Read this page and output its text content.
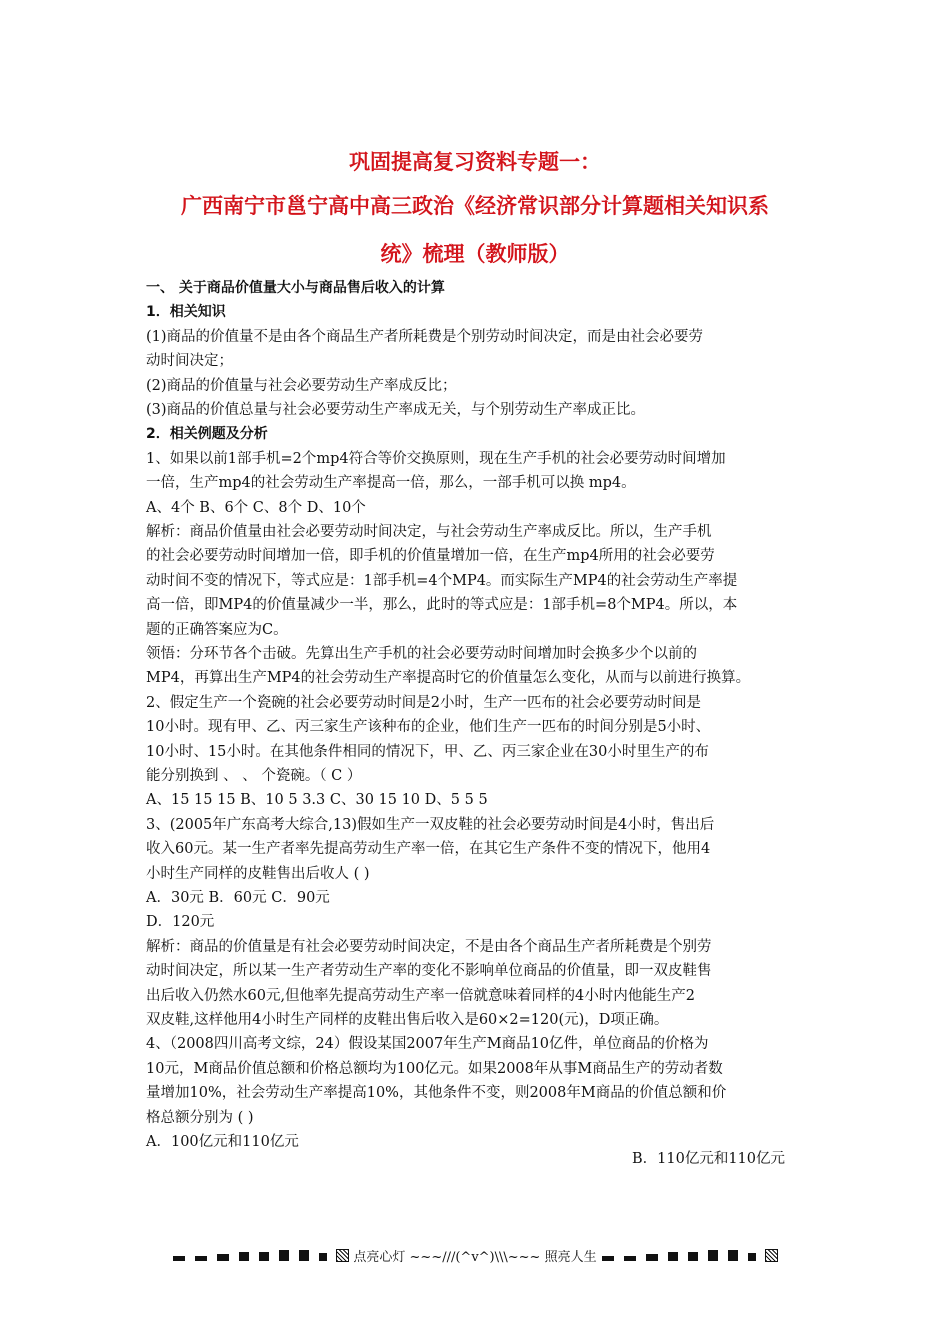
巩固提高复习资料专题一：
广西南宁市邕宁高中高三政治《经济常识部分计算题相关知识系
统》梳理（教师版）
一、 关于商品价值量大小与商品售后收入的计算
1．相关知识
(1)商品的价值量不是由各个商品生产者所耗费是个别劳动时间决定，而是由社会必要劳
动时间决定；
(2)商品的价值量与社会必要劳动生产率成反比；
(3)商品的价值总量与社会必要劳动生产率成无关，与个别劳动生产率成正比。
2．相关例题及分析
1、如果以前1部手机=2个mp4符合等价交换原则，现在生产手机的社会必要劳动时间增加
一倍，生产mp4的社会劳动生产率提高一倍，那么，一部手机可以换 mp4。
A、4个 B、6个 C、8个 D、10个
解析：商品价值量由社会必要劳动时间决定，与社会劳动生产率成反比。所以，生产手机
的社会必要劳动时间增加一倍，即手机的价值量增加一倍，在生产mp4所用的社会必要劳
动时间不变的情况下，等式应是：1部手机=4个MP4。而实际生产MP4的社会劳动生产率提
高一倍，即MP4的价值量减少一半，那么，此时的等式应是：1部手机=8个MP4。所以，本
题的正确答案应为C。
领悟：分环节各个击破。先算出生产手机的社会必要劳动时间增加时会换多少个以前的
MP4，再算出生产MP4的社会劳动生产率提高时它的价值量怎么变化，从而与以前进行换算。
2、假定生产一个瓷碗的社会必要劳动时间是2小时，生产一匹布的社会必要劳动时间是
10小时。现有甲、乙、丙三家生产该种布的企业，他们生产一匹布的时间分别是5小时、
10小时、15小时。在其他条件相同的情况下，甲、乙、丙三家企业在30小时里生产的布
能分别换到 、 、 个瓷碗。（ C ）
A、15 15 15 B、10 5 3.3 C、30 15 10 D、5 5 5
3、(2005年广东高考大综合,13)假如生产一双皮鞋的社会必要劳动时间是4小时，售出后
收入60元。某一生产者率先提高劳动生产率一倍，在其它生产条件不变的情况下，他用4
小时生产同样的皮鞋售出后收人 ( )
A．30元 B．60元 C．90元
D．120元
解析：商品的价值量是有社会必要劳动时间决定，不是由各个商品生产者所耗费是个别劳
动时间决定，所以某一生产者劳动生产率的变化不影响单位商品的价值量，即一双皮鞋售
出后收入仍然水60元,但他率先提高劳动生产率一倍就意味着同样的4小时内他能生产2
双皮鞋,这样他用4小时生产同样的皮鞋出售后收入是60×2=120(元)，D项正确。
4、（2008四川高考文综，24）假设某国2007年生产M商品10亿件，单位商品的价格为
10元，M商品价值总额和价格总额均为100亿元。如果2008年从事M商品生产的劳动者数
量增加10%，社会劳动生产率提高10%，其他条件不变，则2008年M商品的价值总额和价
格总额分别为 ( )
A．100亿元和110亿元
B．110亿元和110亿元
点亮心灯 ~~~///(^v^)\\\~~~ 照亮人生
